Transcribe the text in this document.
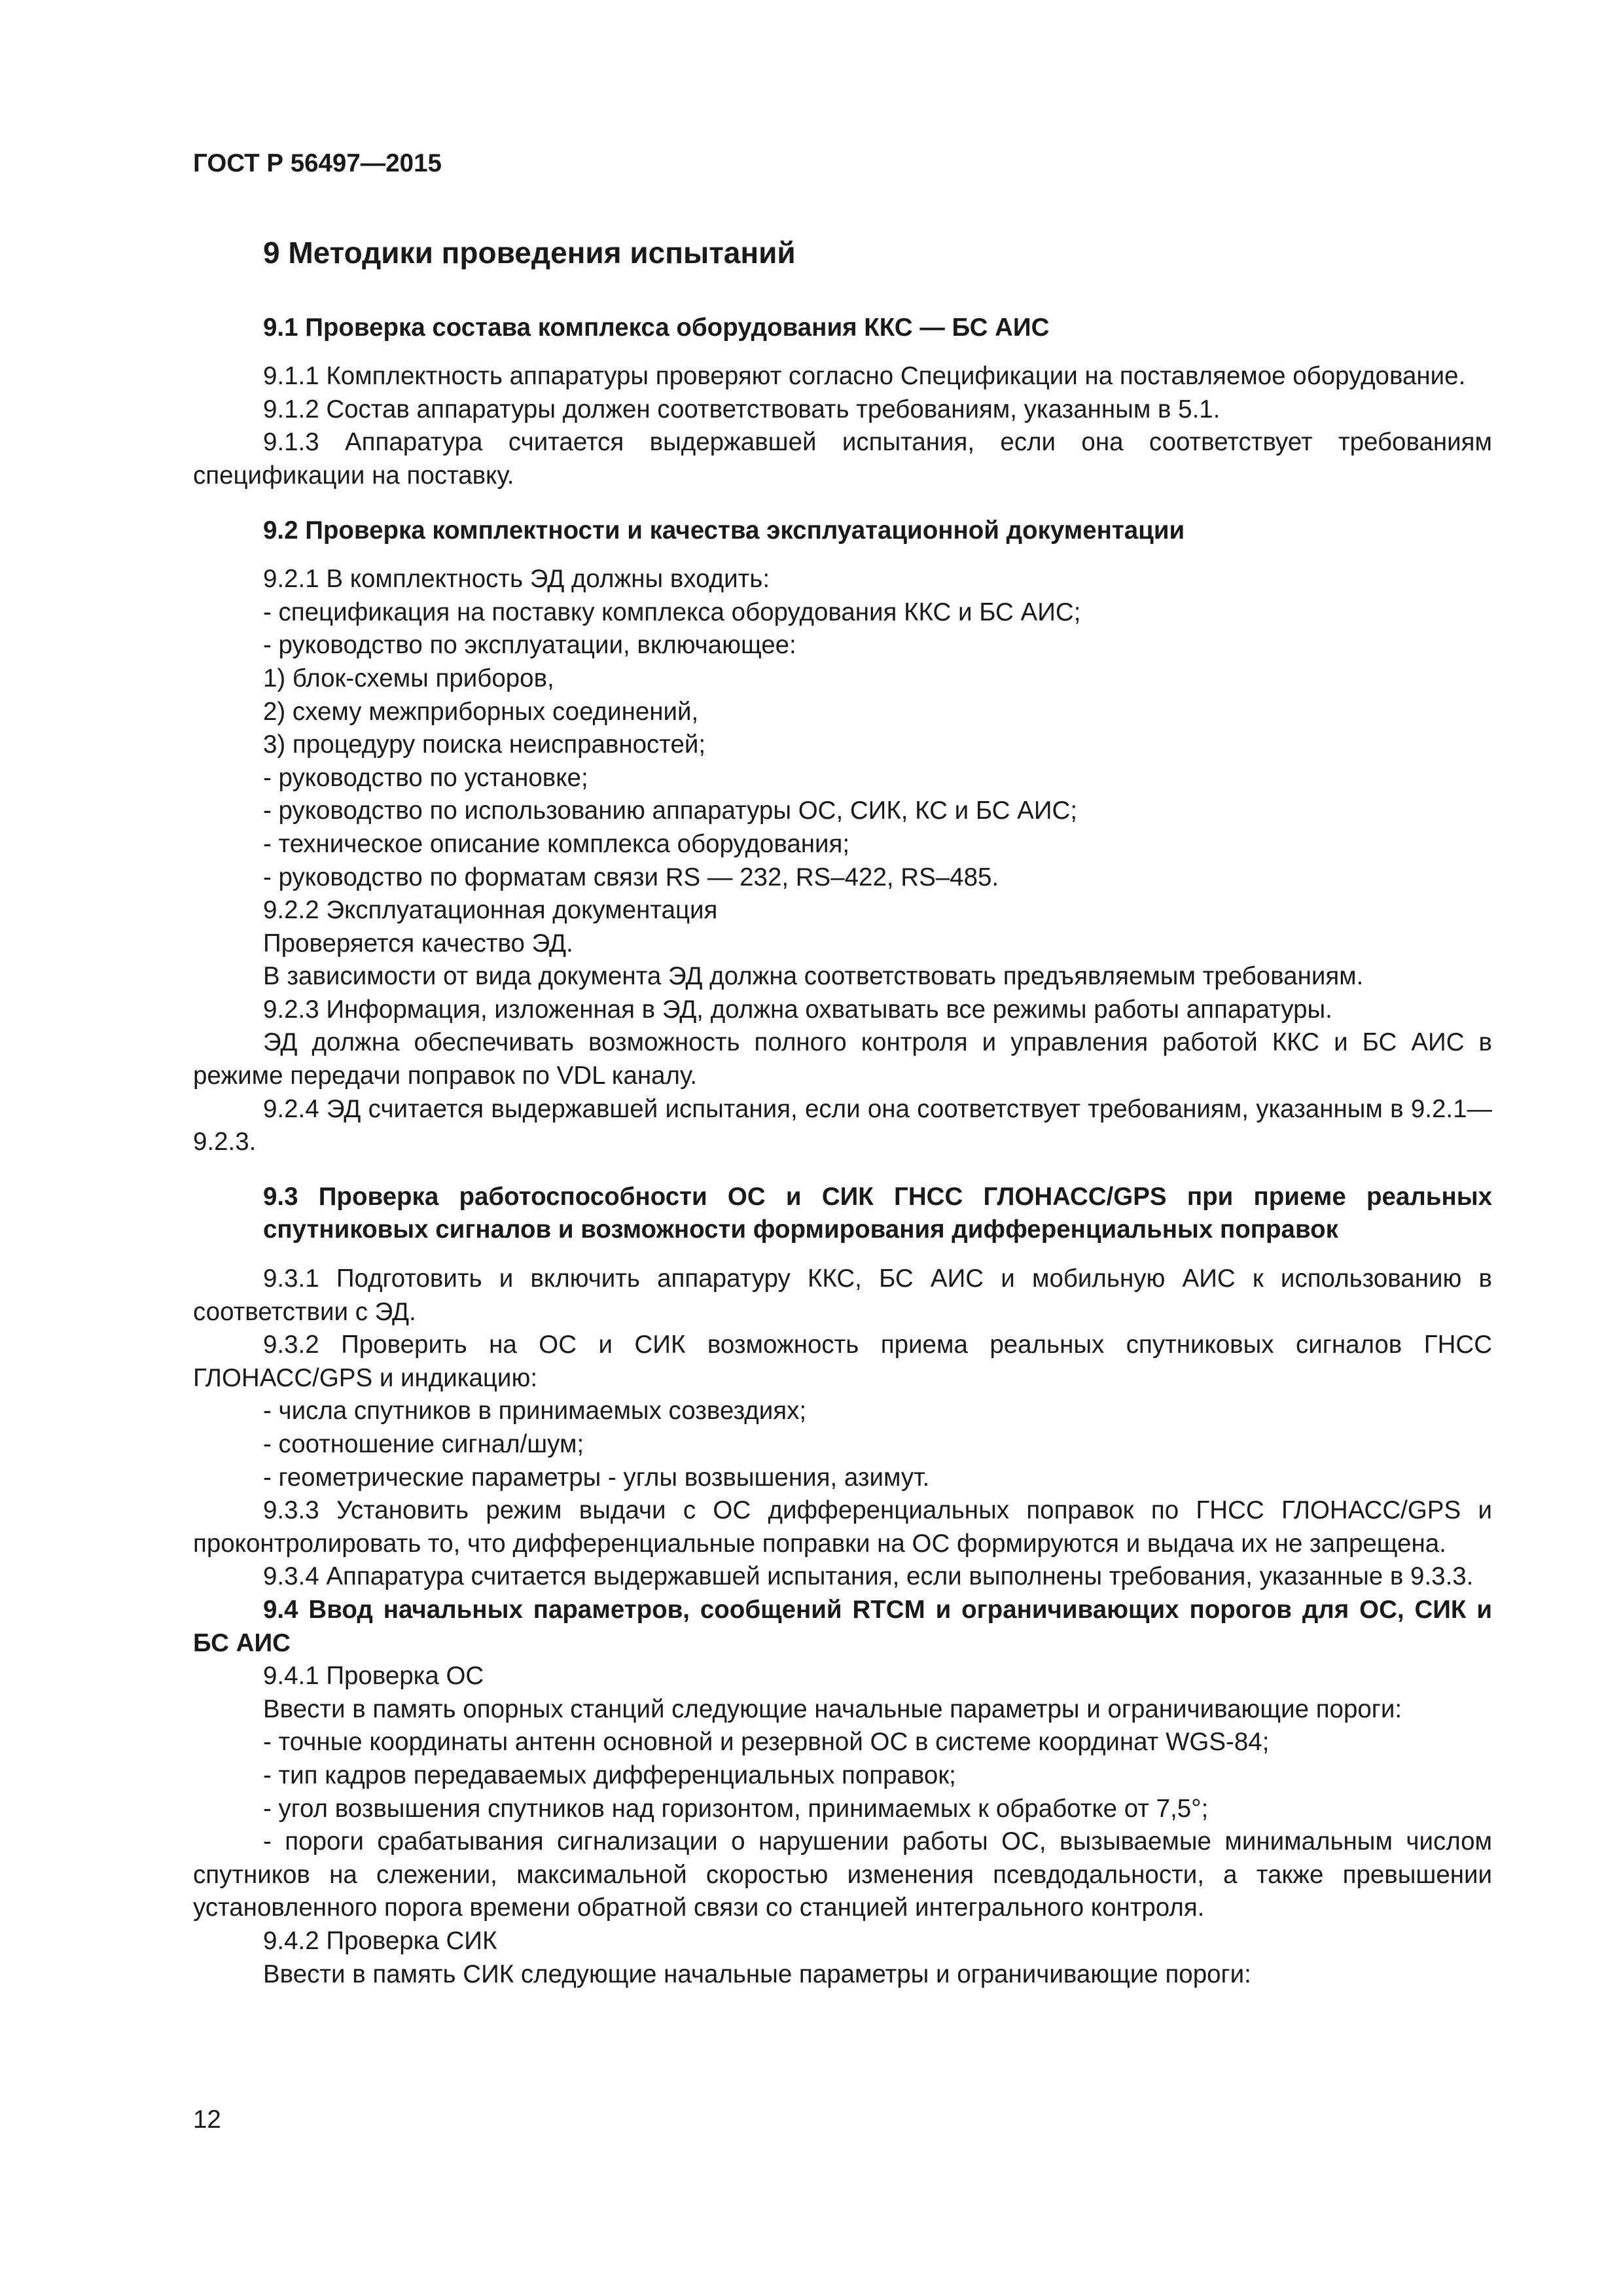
ГОСТ Р 56497—2015
9 Методики проведения испытаний
9.1 Проверка состава комплекса оборудования ККС — БС АИС

9.1.1 Комплектность аппаратуры проверяют согласно Спецификации на поставляемое оборудование.

9.1.2 Состав аппаратуры должен соответствовать требованиям, указанным в 5.1.

9.1.3 Аппаратура считается выдержавшей испытания, если она соответствует требованиям спецификации на поставку.

9.2 Проверка комплектности и качества эксплуатационной документации

9.2.1 В комплектность ЭД должны входить:

- спецификация на поставку комплекса оборудования ККС и БС АИС;

- руководство по эксплуатации, включающее:

1) блок-схемы приборов,

2) схему межприборных соединений,

3) процедуру поиска неисправностей;

- руководство по установке;

- руководство по использованию аппаратуры ОС, СИК, КС и БС АИС;

- техническое описание комплекса оборудования;

- руководство по форматам связи RS — 232, RS–422, RS–485.

9.2.2 Эксплуатационная документация

Проверяется качество ЭД.

В зависимости от вида документа ЭД должна соответствовать предъявляемым требованиям.

9.2.3 Информация, изложенная в ЭД, должна охватывать все режимы работы аппаратуры.

ЭД должна обеспечивать возможность полного контроля и управления работой ККС и БС АИС в режиме передачи поправок по VDL каналу.

9.2.4 ЭД считается выдержавшей испытания, если она соответствует требованиям, указанным в 9.2.1—9.2.3.

9.3 Проверка работоспособности ОС и СИК ГНСС ГЛОНАСС/GPS при приеме реальных спутниковых сигналов и возможности формирования дифференциальных поправок

9.3.1 Подготовить и включить аппаратуру ККС, БС АИС и мобильную АИС к использованию в соответствии с ЭД.

9.3.2 Проверить на ОС и СИК возможность приема реальных спутниковых сигналов ГНСС ГЛОНАСС/GPS и индикацию:

- числа спутников в принимаемых созвездиях;

- соотношение сигнал/шум;

- геометрические параметры - углы возвышения, азимут.

9.3.3 Установить режим выдачи с ОС дифференциальных поправок по ГНСС ГЛОНАСС/GPS и проконтролировать то, что дифференциальные поправки на ОС формируются и выдача их не запрещена.

9.3.4 Аппаратура считается выдержавшей испытания, если выполнены требования, указанные в 9.3.3.

9.4 Ввод начальных параметров, сообщений RTCM и ограничивающих порогов для ОС, СИК и БС АИС

9.4.1 Проверка ОС

Ввести в память опорных станций следующие начальные параметры и ограничивающие пороги:

- точные координаты антенн основной и резервной ОС в системе координат WGS-84;

- тип кадров передаваемых дифференциальных поправок;

- угол возвышения спутников над горизонтом, принимаемых к обработке от 7,5°;

- пороги срабатывания сигнализации о нарушении работы ОС, вызываемые минимальным числом спутников на слежении, максимальной скоростью изменения псевдодальности, а также превышении установленного порога времени обратной связи со станцией интегрального контроля.

9.4.2 Проверка СИК

Ввести в память СИК следующие начальные параметры и ограничивающие пороги:

12
